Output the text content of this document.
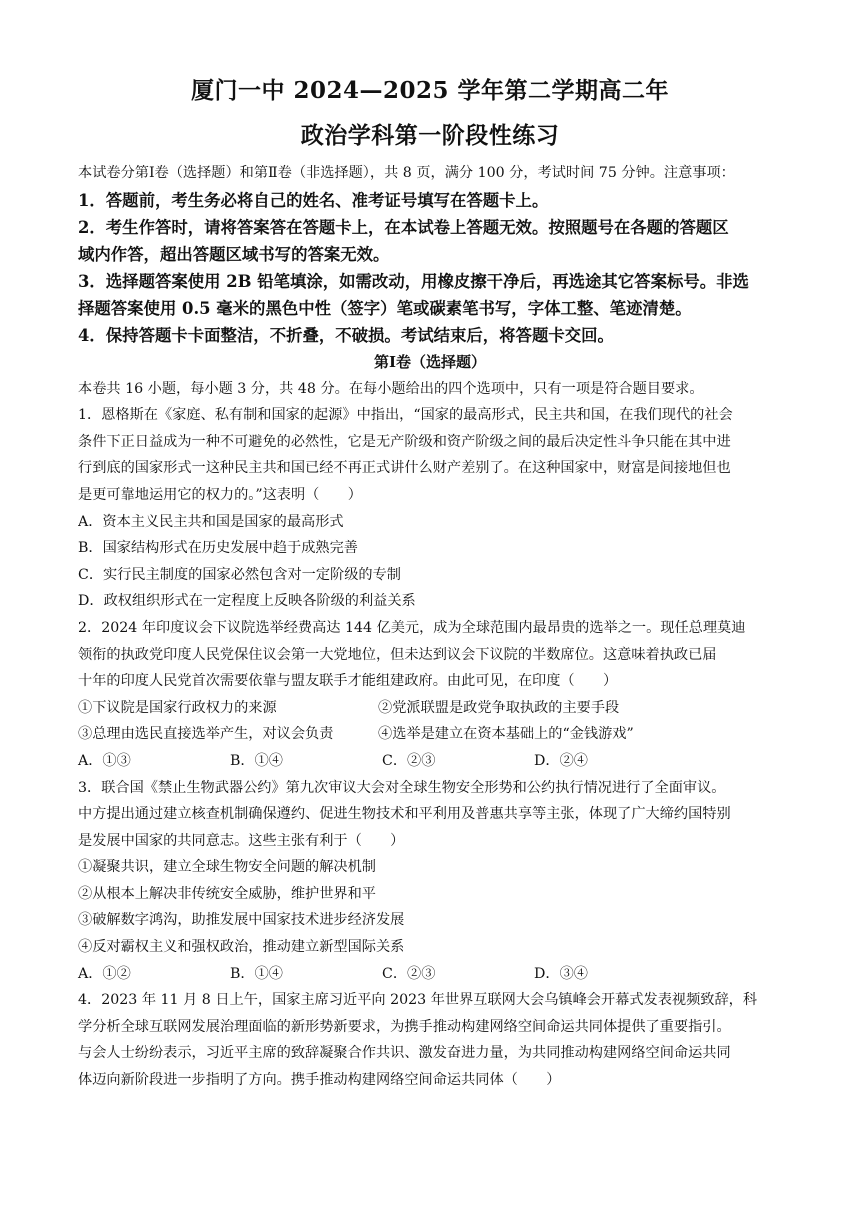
厦门一中 2024—2025 学年第二学期高二年
政治学科第一阶段性练习
本试卷分第Ⅰ卷（选择题）和第Ⅱ卷（非选择题），共 8 页，满分 100 分，考试时间 75 分钟。注意事项：
1．答题前，考生务必将自己的姓名、准考证号填写在答题卡上。
2．考生作答时，请将答案答在答题卡上，在本试卷上答题无效。按照题号在各题的答题区
域内作答，超出答题区域书写的答案无效。
3．选择题答案使用 2B 铅笔填涂，如需改动，用橡皮擦干净后，再选途其它答案标号。非选
择题答案使用 0.5 毫米的黑色中性（签字）笔或碳素笔书写，字体工整、笔迹清楚。
4．保持答题卡卡面整洁，不折叠，不破损。考试结束后，将答题卡交回。
第Ⅰ卷（选择题）
本卷共 16 小题，每小题 3 分，共 48 分。在每小题给出的四个选项中，只有一项是符合题目要求。
1．恩格斯在《家庭、私有制和国家的起源》中指出，“国家的最高形式，民主共和国，在我们现代的社会
条件下正日益成为一种不可避免的必然性，它是无产阶级和资产阶级之间的最后决定性斗争只能在其中进
行到底的国家形式一这种民主共和国已经不再正式讲什么财产差别了。在这种国家中，财富是间接地但也
是更可靠地运用它的权力的。”这表明（　　）
A．资本主义民主共和国是国家的最高形式
B．国家结构形式在历史发展中趋于成熟完善
C．实行民主制度的国家必然包含对一定阶级的专制
D．政权组织形式在一定程度上反映各阶级的利益关系
2．2024 年印度议会下议院选举经费高达 144 亿美元，成为全球范围内最昂贵的选举之一。现任总理莫迪
领衔的执政党印度人民党保住议会第一大党地位，但未达到议会下议院的半数席位。这意味着执政已届
十年的印度人民党首次需要依靠与盟友联手才能组建政府。由此可见，在印度（　　）
①下议院是国家行政权力的来源	②党派联盟是政党争取执政的主要手段
③总理由选民直接选举产生，对议会负责	④选举是建立在资本基础上的“金钱游戏”
A．①③	B．①④	C．②③	D．②④
3．联合国《禁止生物武器公约》第九次审议大会对全球生物安全形势和公约执行情况进行了全面审议。
中方提出通过建立核查机制确保遵约、促进生物技术和平利用及普惠共享等主张，体现了广大缔约国特别
是发展中国家的共同意志。这些主张有利于（　　）
①凝聚共识，建立全球生物安全问题的解决机制
②从根本上解决非传统安全威胁，维护世界和平
③破解数字鸿沟，助推发展中国家技术进步经济发展
④反对霸权主义和强权政治，推动建立新型国际关系
A．①②	B．①④	C．②③	D．③④
4．2023 年 11 月 8 日上午，国家主席习近平向 2023 年世界互联网大会乌镇峰会开幕式发表视频致辞，科
学分析全球互联网发展治理面临的新形势新要求，为携手推动构建网络空间命运共同体提供了重要指引。
与会人士纷纷表示，习近平主席的致辞凝聚合作共识、激发奋进力量，为共同推动构建网络空间命运共同
体迈向新阶段进一步指明了方向。携手推动构建网络空间命运共同体（　　）
